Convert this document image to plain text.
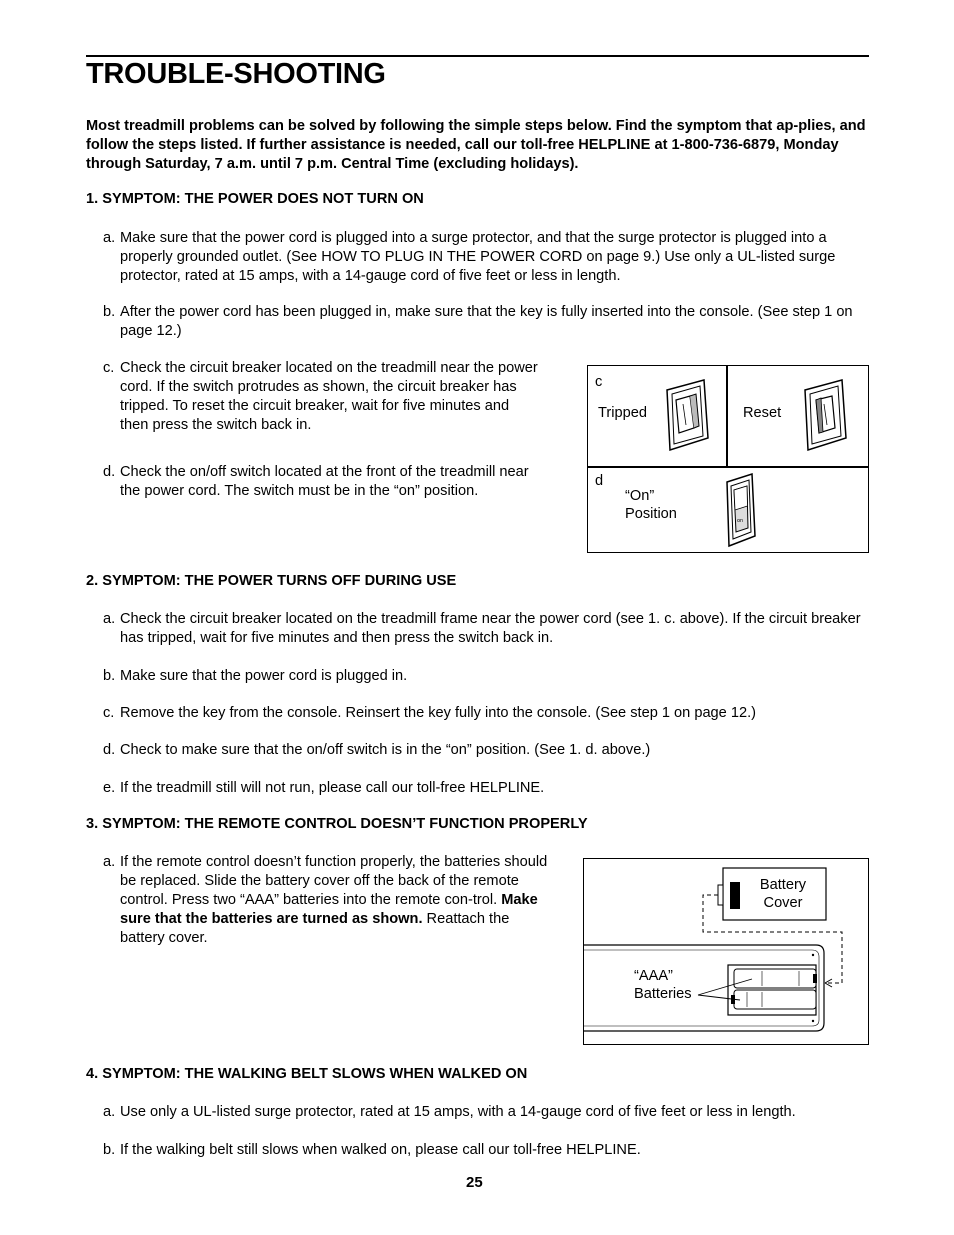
TROUBLE-SHOOTING
Most treadmill problems can be solved by following the simple steps below. Find the symptom that ap-plies, and follow the steps listed. If further assistance is needed, call our toll-free HELPLINE at 1-800-736-6879, Monday through Saturday, 7 a.m. until 7 p.m. Central Time (excluding holidays).
1. SYMPTOM: THE POWER DOES NOT TURN ON
a. Make sure that the power cord is plugged into a surge protector, and that the surge protector is plugged into a properly grounded outlet. (See HOW TO PLUG IN THE POWER CORD on page 9.) Use only a UL-listed surge protector, rated at 15 amps, with a 14-gauge cord of five feet or less in length.
b. After the power cord has been plugged in, make sure that the key is fully inserted into the console. (See step 1 on page 12.)
c. Check the circuit breaker located on the treadmill near the power cord. If the switch protrudes as shown, the circuit breaker has tripped. To reset the circuit breaker, wait for five minutes and then press the switch back in.
d. Check the on/off switch located at the front of the treadmill near the power cord. The switch must be in the “on” position.
c
Tripped	Reset
d
“On”
Position	on
2. SYMPTOM: THE POWER TURNS OFF DURING USE
a. Check the circuit breaker located on the treadmill frame near the power cord (see 1. c. above). If the circuit breaker has tripped, wait for five minutes and then press the switch back in.
b. Make sure that the power cord is plugged in.
c. Remove the key from the console. Reinsert the key fully into the console. (See step 1 on page 12.)
d. Check to make sure that the on/off switch is in the “on” position. (See 1. d. above.)
e. If the treadmill still will not run, please call our toll-free HELPLINE.
3. SYMPTOM: THE REMOTE CONTROL DOESN’T FUNCTION PROPERLY
a. If the remote control doesn’t function properly, the batteries should be replaced. Slide the battery cover off the back of the remote control. Press two “AAA” batteries into the remote con-trol. Make sure that the batteries are turned as shown. Reattach the battery cover.
Battery
Cover
“AAA”
Batteries
4. SYMPTOM: THE WALKING BELT SLOWS WHEN WALKED ON
a. Use only a UL-listed surge protector, rated at 15 amps, with a 14-gauge cord of five feet or less in length.
b. If the walking belt still slows when walked on, please call our toll-free HELPLINE.
25
